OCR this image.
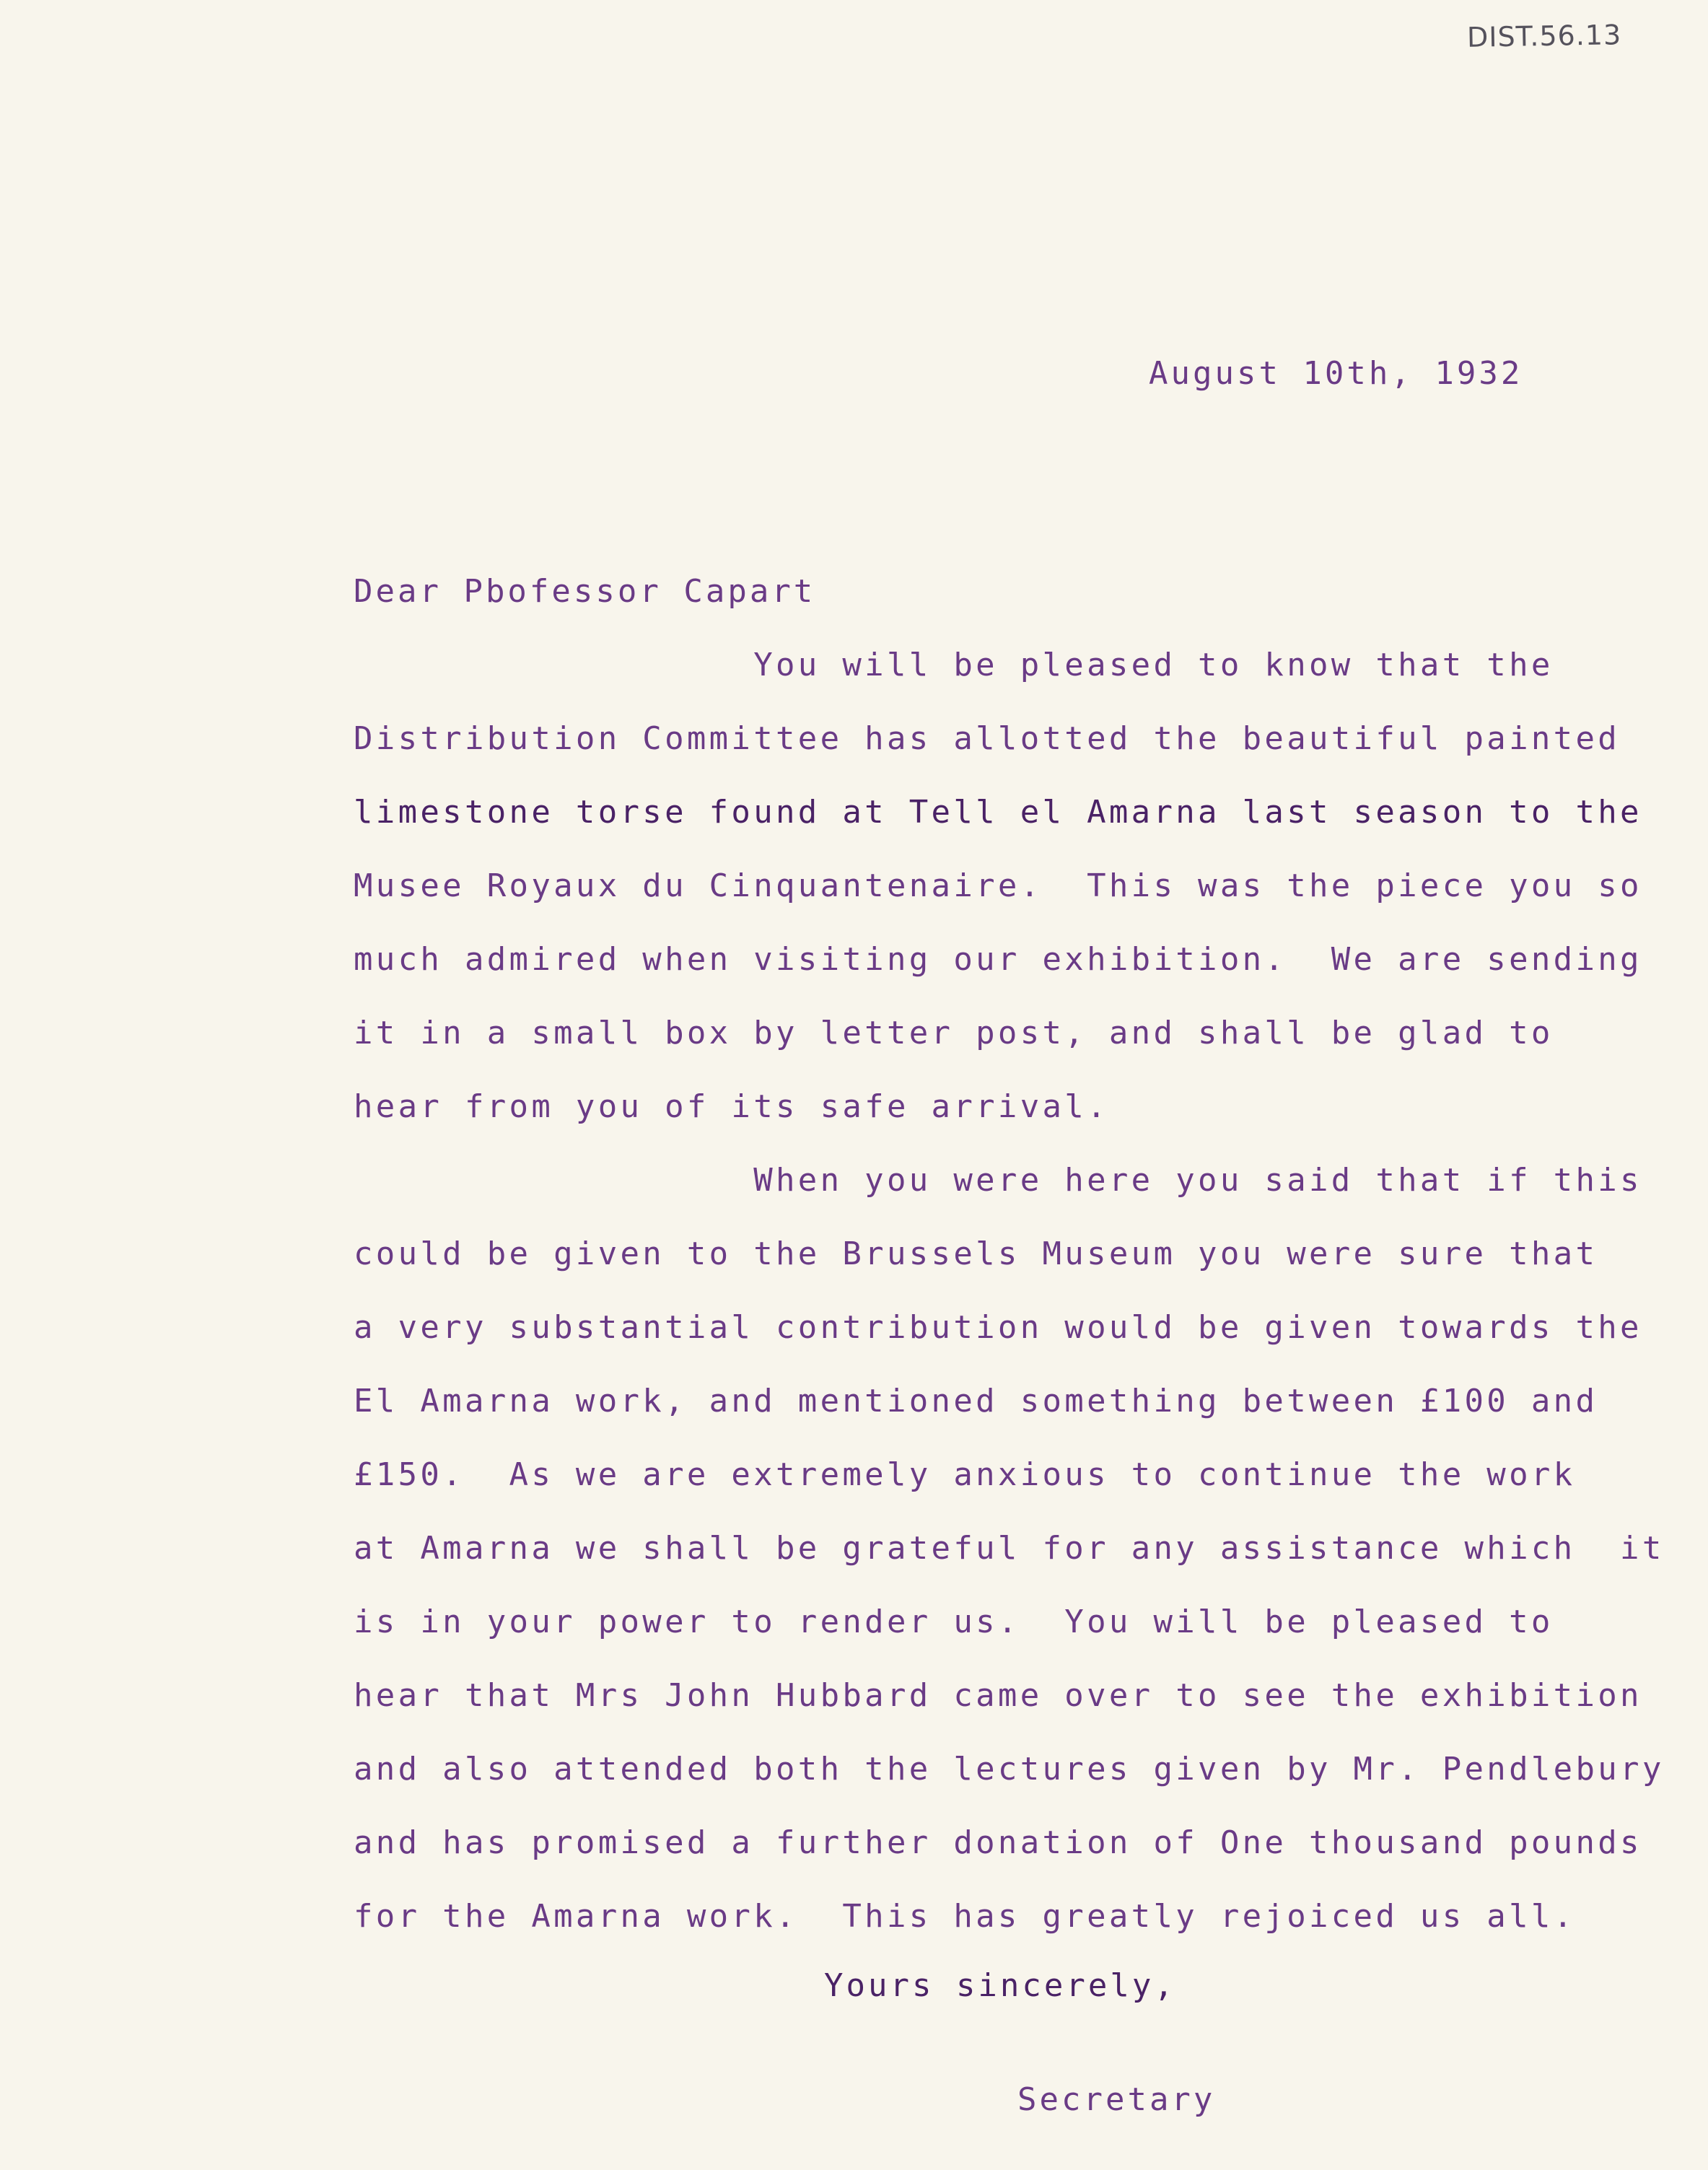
DIST.56.13
August 10th, 1932
Dear Pbofessor Capart
You will be pleased to know that the
Distribution Committee has allotted the beautiful painted
limestone torse found at Tell el Amarna last season to the
Musee Royaux du Cinquantenaire.  This was the piece you so
much admired when visiting our exhibition.  We are sending
it in a small box by letter post, and shall be glad to
hear from you of its safe arrival.
When you were here you said that if this
could be given to the Brussels Museum you were sure that
a very substantial contribution would be given towards the
El Amarna work, and mentioned something between £100 and
£150.  As we are extremely anxious to continue the work
at Amarna we shall be grateful for any assistance which  it
is in your power to render us.  You will be pleased to
hear that Mrs John Hubbard came over to see the exhibition
and also attended both the lectures given by Mr. Pendlebury
and has promised a further donation of One thousand pounds
for the Amarna work.  This has greatly rejoiced us all.
Yours sincerely,
Secretary
